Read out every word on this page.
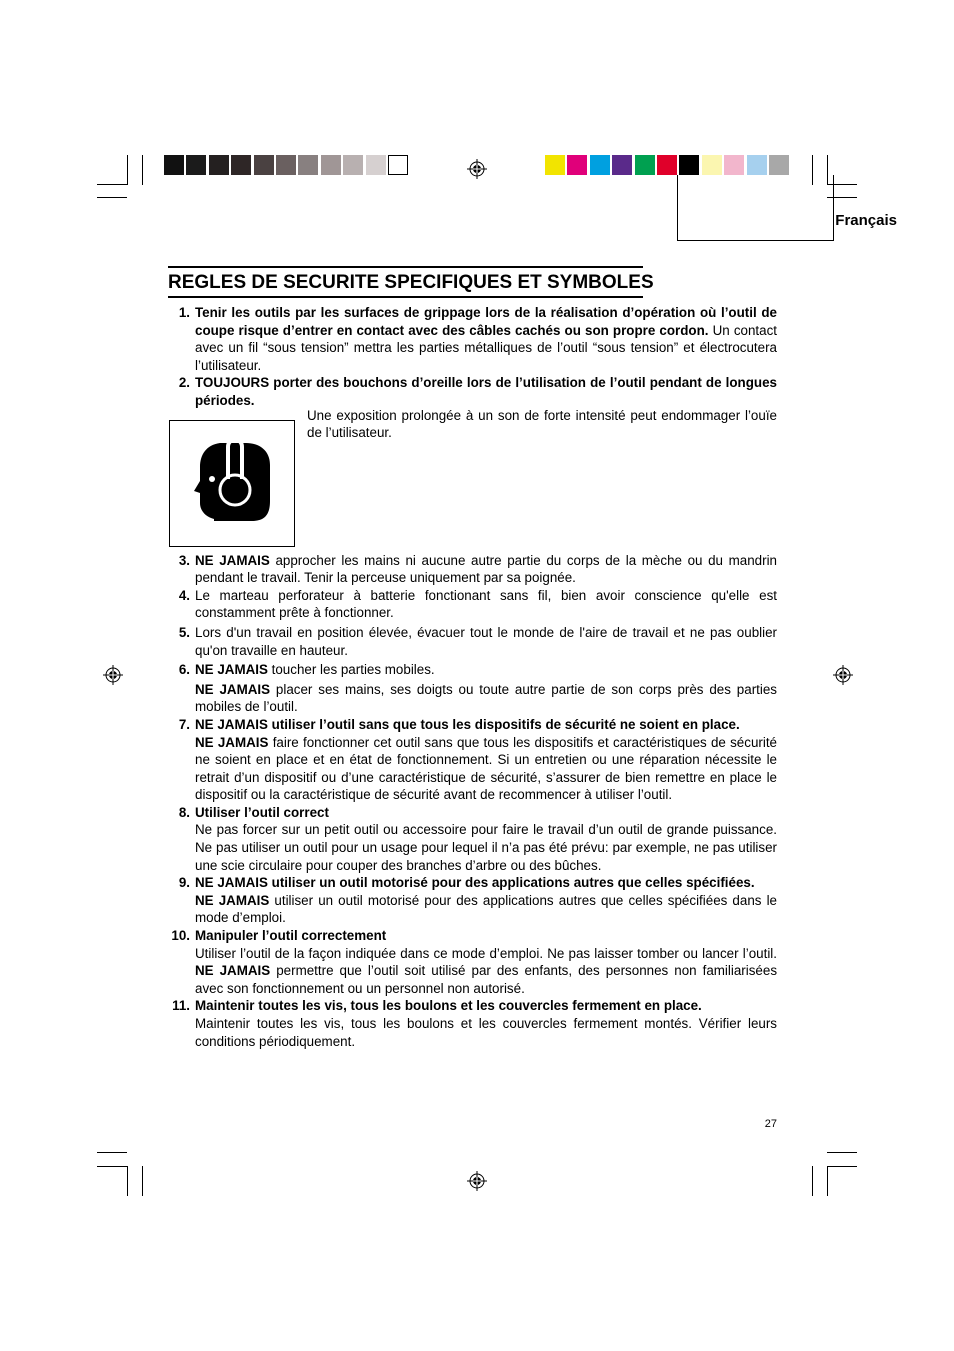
Français
REGLES DE SECURITE SPECIFIQUES ET SYMBOLES
1. Tenir les outils par les surfaces de grippage lors de la réalisation d’opération où l’outil de coupe risque d’entrer en contact avec des câbles cachés ou son propre cordon. Un contact avec un fil “sous tension” mettra les parties métalliques de l’outil “sous tension” et électrocutera l’utilisateur.
2. TOUJOURS porter des bouchons d’oreille lors de l’utilisation de l’outil pendant de longues périodes.
Une exposition prolongée à un son de forte intensité peut endommager l’ouïe de l’utilisateur.
3. NE JAMAIS approcher les mains ni aucune autre partie du corps de la mèche ou du mandrin pendant le travail. Tenir la perceuse uniquement par sa poignée.
4. Le marteau perforateur à batterie fonctionant sans fil, bien avoir conscience qu'elle est constamment prête à fonctionner.
5. Lors d'un travail en position élevée, évacuer tout le monde de l'aire de travail et ne pas oublier qu'on travaille en hauteur.
6. NE JAMAIS toucher les parties mobiles.
NE JAMAIS placer ses mains, ses doigts ou toute autre partie de son corps près des parties mobiles de l’outil.
7. NE JAMAIS utiliser l’outil sans que tous les dispositifs de sécurité ne soient en place.
NE JAMAIS faire fonctionner cet outil sans que tous les dispositifs et caractéristiques de sécurité ne soient en place et en état de fonctionnement. Si un entretien ou une réparation nécessite le retrait d’un dispositif ou d’une caractéristique de sécurité, s’assurer de bien remettre en place le dispositif ou la caractéristique de sécurité avant de recommencer à utiliser l’outil.
8. Utiliser l’outil correct
Ne pas forcer sur un petit outil ou accessoire pour faire le travail d’un outil de grande puissance. Ne pas utiliser un outil pour un usage pour lequel il n’a pas été prévu: par exemple, ne pas utiliser une scie circulaire pour couper des branches d’arbre ou des bûches.
9. NE JAMAIS utiliser un outil motorisé pour des applications autres que celles spécifiées.
NE JAMAIS utiliser un outil motorisé pour des applications autres que celles spécifiées dans le mode d’emploi.
10. Manipuler l’outil correctement
Utiliser l’outil de la façon indiquée dans ce mode d’emploi. Ne pas laisser tomber ou lancer l’outil. NE JAMAIS permettre que l’outil soit utilisé par des enfants, des personnes non familiarisées avec son fonctionnement ou un personnel non autorisé.
11. Maintenir toutes les vis, tous les boulons et les couvercles fermement en place.
Maintenir toutes les vis, tous les boulons et les couvercles fermement montés. Vérifier leurs conditions périodiquement.
27
